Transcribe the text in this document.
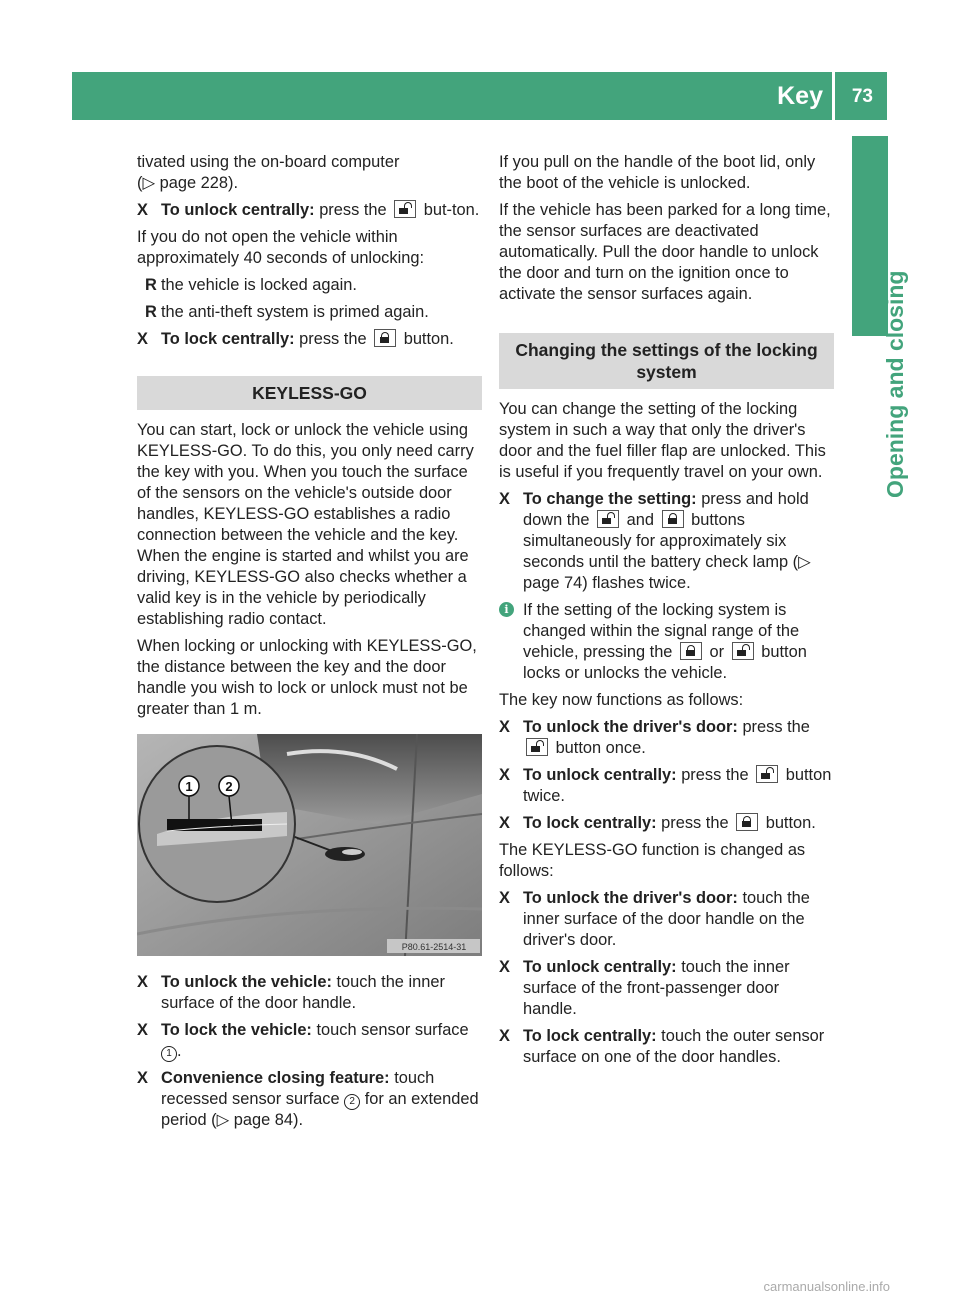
Key 73
Opening and closing

tivated using the on-board computer
(▷ page 228).

X To unlock centrally: press the but-ton.

If you do not open the vehicle within approximately 40 seconds of unlocking:

R the vehicle is locked again.
R the anti-theft system is primed again.
X To lock centrally: press the button.
KEYLESS-GO

You can start, lock or unlock the vehicle using KEYLESS-GO. To do this, you only need carry the key with you. When you touch the surface of the sensors on the vehicle's outside door handles, KEYLESS-GO establishes a radio connection between the vehicle and the key. When the engine is started and whilst you are driving, KEYLESS-GO also checks whether a valid key is in the vehicle by periodically establishing radio contact.

When locking or unlocking with KEYLESS-GO, the distance between the key and the door handle you wish to lock or unlock must not be greater than 1 m.

1	2
P80.61-2514-31
X To unlock the vehicle: touch the inner surface of the door handle.
X To lock the vehicle: touch sensor surface 1 .
X Convenience closing feature: touch recessed sensor surface 2 for an extended period (▷ page 84).

If you pull on the handle of the boot lid, only the boot of the vehicle is unlocked.

If the vehicle has been parked for a long time, the sensor surfaces are deactivated automatically. Pull the door handle to unlock the door and turn on the ignition once to activate the sensor surfaces again.

Changing the settings of the locking system

You can change the setting of the locking system in such a way that only the driver's door and the fuel filler flap are unlocked. This is useful if you frequently travel on your own.

X To change the setting: press and hold down the and buttons simultaneously for approximately six seconds until the battery check lamp (▷ page 74) flashes twice.
i If the setting of the locking system is changed within the signal range of the vehicle, pressing the or button locks or unlocks the vehicle.

The key now functions as follows:

X To unlock the driver's door: press the
button once.
X To unlock centrally: press the button twice.
X To lock centrally: press the button.

The KEYLESS-GO function is changed as follows:

X To unlock the driver's door: touch the inner surface of the door handle on the driver's door.
X To unlock centrally: touch the inner surface of the front-passenger door handle.
X To lock centrally: touch the outer sensor surface on one of the door handles.
carmanualsonline.info
